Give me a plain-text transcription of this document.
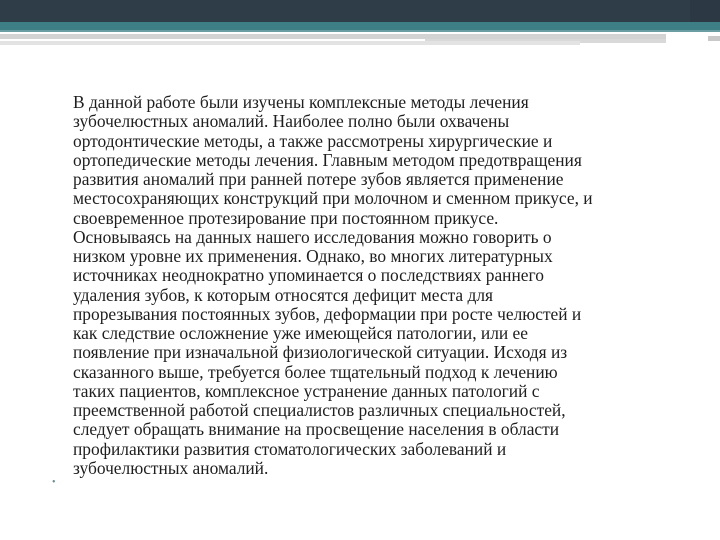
В данной работе были изучены комплексные методы лечения
зубочелюстных аномалий. Наиболее полно были охвачены
ортодонтические методы, а также рассмотрены хирургические и
ортопедические методы лечения. Главным методом предотвращения
развития аномалий при ранней потере зубов является применение
местосохраняющих конструкций при молочном и сменном прикусе, и
своевременное протезирование при постоянном прикусе.
Основываясь на данных нашего исследования можно говорить о
низком уровне их применения. Однако, во многих литературных
источниках неоднократно упоминается о последствиях раннего
удаления зубов, к которым относятся дефицит места для
прорезывания постоянных зубов, деформации при росте челюстей и
как следствие осложнение уже имеющейся патологии, или ее
появление при изначальной физиологической ситуации. Исходя из
сказанного выше, требуется более тщательный подход к лечению
таких пациентов, комплексное устранение данных патологий с
преемственной работой специалистов различных специальностей,
следует обращать внимание на просвещение населения в области
профилактики развития стоматологических заболеваний и
зубочелюстных аномалий.
•
